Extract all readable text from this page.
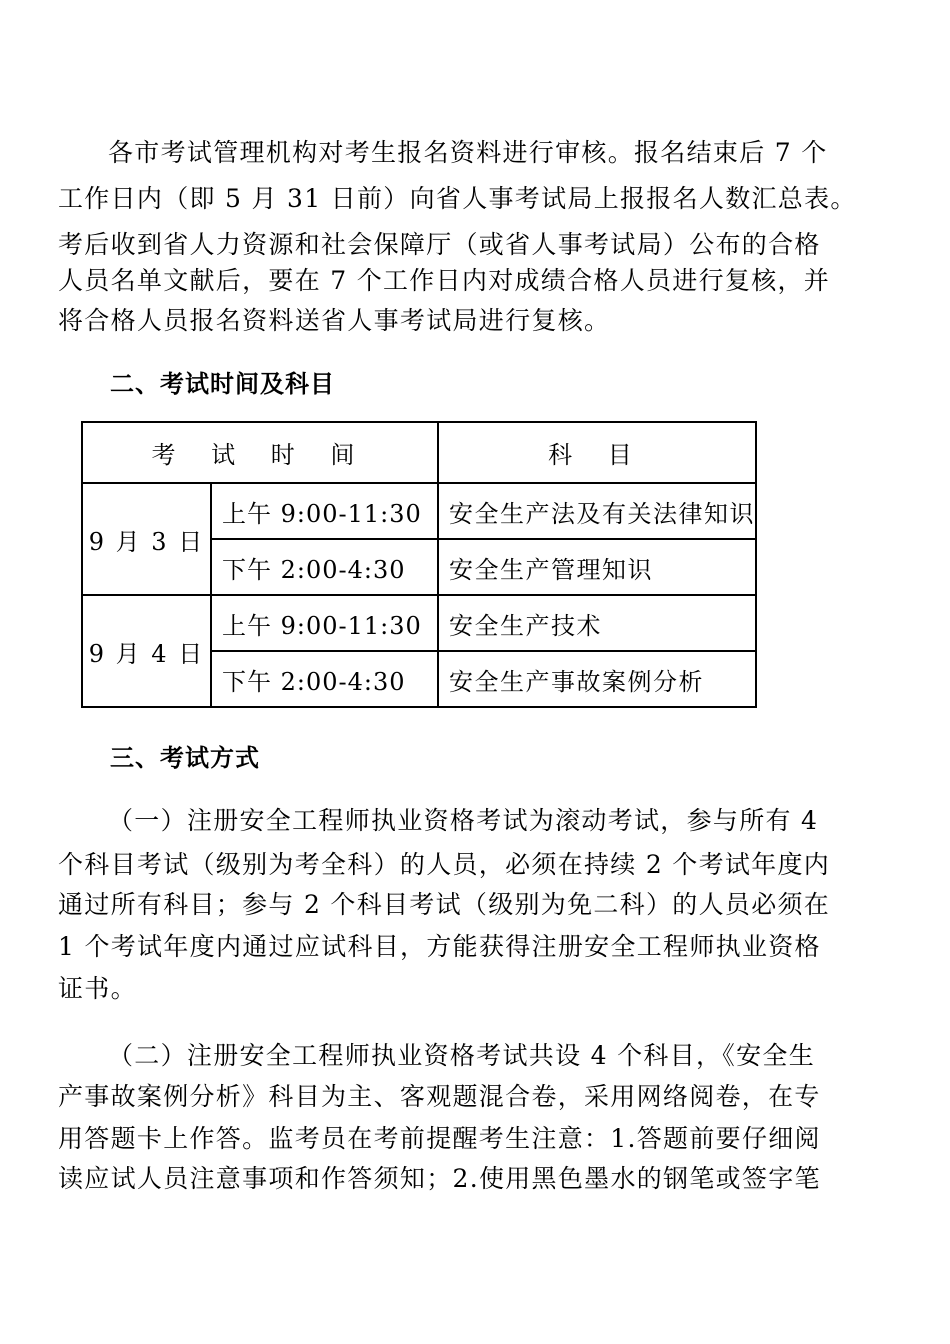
各市考试管理机构对考生报名资料进行审核。报名结束后 7 个
工作日内（即 5 月 31 日前）向省人事考试局上报报名人数汇总表。
考后收到省人力资源和社会保障厅（或省人事考试局）公布的合格
人员名单文献后，要在 7 个工作日内对成绩合格人员进行复核，并
将合格人员报名资料送省人事考试局进行复核。
二、考试时间及科目
考 试 时 间		科 目
9 月 3 日	上午 9:00-11:30	安全生产法及有关法律知识
	下午 2:00-4:30	安全生产管理知识
9 月 4 日	上午 9:00-11:30	安全生产技术
	下午 2:00-4:30	安全生产事故案例分析
三、考试方式
（一）注册安全工程师执业资格考试为滚动考试，参与所有 4
个科目考试（级别为考全科）的人员，必须在持续 2 个考试年度内
通过所有科目；参与 2 个科目考试（级别为免二科）的人员必须在
1 个考试年度内通过应试科目，方能获得注册安全工程师执业资格
证书。
（二）注册安全工程师执业资格考试共设 4 个科目，《安全生
产事故案例分析》科目为主、客观题混合卷，采用网络阅卷，在专
用答题卡上作答。监考员在考前提醒考生注意：1.答题前要仔细阅
读应试人员注意事项和作答须知；2.使用黑色墨水的钢笔或签字笔
